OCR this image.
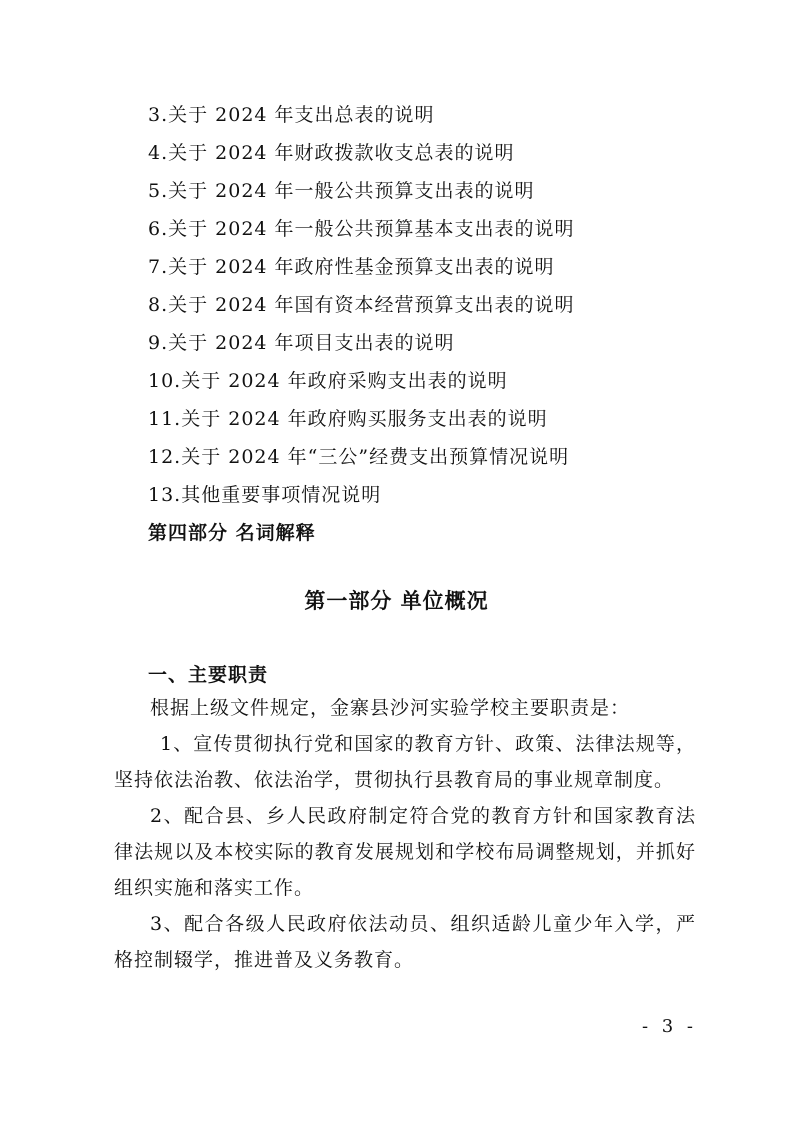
3.关于 2024 年支出总表的说明
4.关于 2024 年财政拨款收支总表的说明
5.关于 2024 年一般公共预算支出表的说明
6.关于 2024 年一般公共预算基本支出表的说明
7.关于 2024 年政府性基金预算支出表的说明
8.关于 2024 年国有资本经营预算支出表的说明
9.关于 2024 年项目支出表的说明
10.关于 2024 年政府采购支出表的说明
11.关于 2024 年政府购买服务支出表的说明
12.关于 2024 年“三公”经费支出预算情况说明
13.其他重要事项情况说明
第四部分 名词解释
第一部分 单位概况
一、主要职责

根据上级文件规定，金寨县沙河实验学校主要职责是：

1、宣传贯彻执行党和国家的教育方针、政策、法律法规等，坚持依法治教、依法治学，贯彻执行县教育局的事业规章制度。

2、配合县、乡人民政府制定符合党的教育方针和国家教育法律法规以及本校实际的教育发展规划和学校布局调整规划，并抓好组织实施和落实工作。

3、配合各级人民政府依法动员、组织适龄儿童少年入学，严格控制辍学，推进普及义务教育。

- 3 -
